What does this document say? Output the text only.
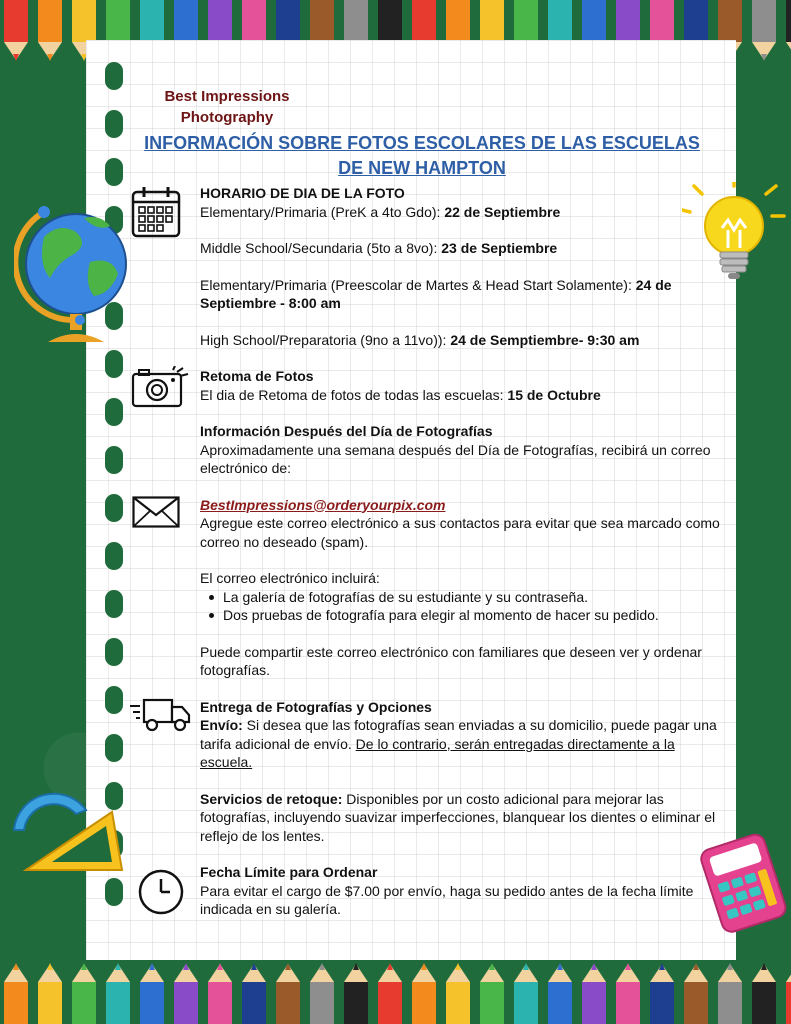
Best Impressions Photography
INFORMACIÓN SOBRE FOTOS ESCOLARES DE LAS ESCUELAS DE NEW HAMPTON
HORARIO DE DIA DE LA FOTO
Elementary/Primaria (PreK a 4to Gdo): 22 de Septiembre
Middle School/Secundaria (5to a 8vo): 23 de Septiembre
Elementary/Primaria (Preescolar de Martes & Head Start Solamente): 24 de Septiembre - 8:00 am
High School/Preparatoria (9no a 11vo)): 24 de Semptiembre- 9:30 am
Retoma de Fotos
El dia de Retoma de fotos de todas las escuelas: 15 de Octubre
Información Después del Día de Fotografías
Aproximadamente una semana después del Día de Fotografías, recibirá un correo electrónico de:
BestImpressions@orderyourpix.com
Agregue este correo electrónico a sus contactos para evitar que sea marcado como correo no deseado (spam).
El correo electrónico incluirá:
La galería de fotografías de su estudiante y su contraseña.
Dos pruebas de fotografía para elegir al momento de hacer su pedido.
Puede compartir este correo electrónico con familiares que deseen ver y ordenar fotografías.
Entrega de Fotografías y Opciones
Envío: Si desea que las fotografías sean enviadas a su domicilio, puede pagar una tarifa adicional de envío. De lo contrario, serán entregadas directamente a la escuela.
Servicios de retoque: Disponibles por un costo adicional para mejorar las fotografías, incluyendo suavizar imperfecciones, blanquear los dientes o eliminar el reflejo de los lentes.
Fecha Límite para Ordenar
Para evitar el cargo de $7.00 por envío, haga su pedido antes de la fecha límite indicada en su galería.
